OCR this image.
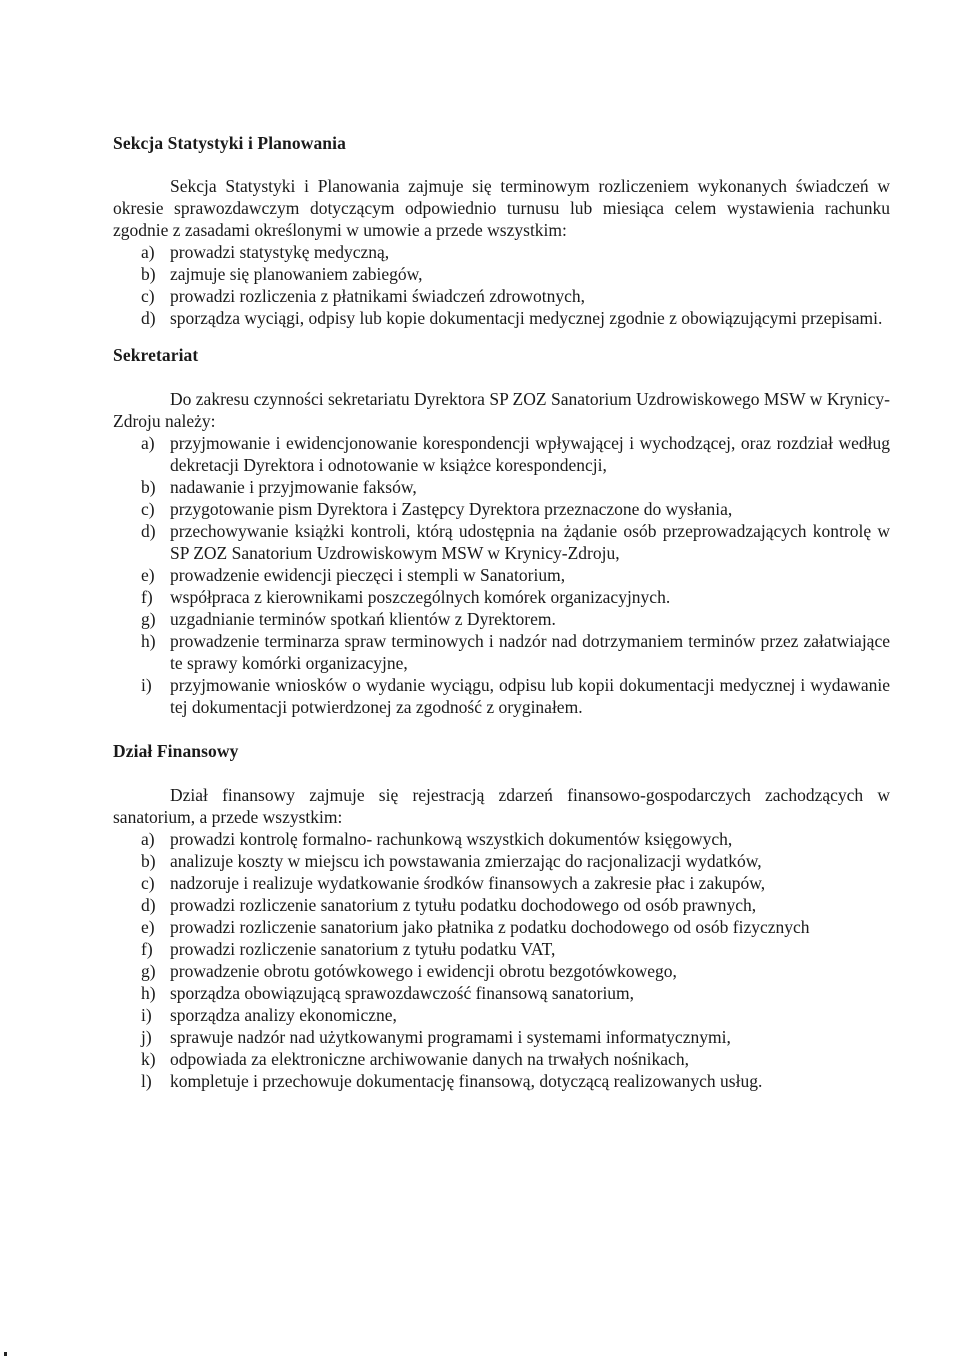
Sekcja Statystyki i Planowania

Sekcja Statystyki i Planowania zajmuje się terminowym rozliczeniem wykonanych świadczeń w okresie sprawozdawczym dotyczącym odpowiednio turnusu lub miesiąca celem wystawienia rachunku zgodnie z zasadami określonymi w umowie a przede wszystkim:

a) prowadzi statystykę medyczną,
b) zajmuje się planowaniem zabiegów,
c) prowadzi rozliczenia z płatnikami świadczeń zdrowotnych,
d) sporządza wyciągi, odpisy lub kopie dokumentacji medycznej zgodnie z obowiązującymi przepisami.
Sekretariat

Do zakresu czynności sekretariatu Dyrektora SP ZOZ Sanatorium Uzdrowiskowego MSW w Krynicy-Zdroju należy:

a) przyjmowanie i ewidencjonowanie korespondencji wpływającej i wychodzącej, oraz rozdział według dekretacji Dyrektora i odnotowanie w książce korespondencji,
b) nadawanie i przyjmowanie faksów,
c) przygotowanie pism Dyrektora i Zastępcy Dyrektora przeznaczone do wysłania,
d) przechowywanie książki kontroli, którą udostępnia na żądanie osób przeprowadzających kontrolę w SP ZOZ Sanatorium Uzdrowiskowym MSW w Krynicy-Zdroju,
e) prowadzenie ewidencji pieczęci i stempli w Sanatorium,
f) współpraca z kierownikami poszczególnych komórek organizacyjnych.
g) uzgadnianie terminów spotkań klientów z Dyrektorem.
h) prowadzenie terminarza spraw terminowych i nadzór nad dotrzymaniem terminów przez załatwiające te sprawy komórki organizacyjne,
i) przyjmowanie wniosków o wydanie wyciągu, odpisu lub kopii dokumentacji medycznej i wydawanie tej dokumentacji potwierdzonej za zgodność z oryginałem.
Dział Finansowy

Dział finansowy zajmuje się rejestracją zdarzeń finansowo-gospodarczych zachodzących w sanatorium, a przede wszystkim:

a) prowadzi kontrolę formalno- rachunkową wszystkich dokumentów księgowych,
b) analizuje koszty w miejscu ich powstawania zmierzając do racjonalizacji wydatków,
c) nadzoruje i realizuje wydatkowanie środków finansowych a zakresie płac i zakupów,
d) prowadzi rozliczenie sanatorium z tytułu podatku dochodowego od osób prawnych,
e) prowadzi rozliczenie sanatorium jako płatnika z podatku dochodowego od osób fizycznych
f) prowadzi rozliczenie sanatorium z tytułu podatku VAT,
g) prowadzenie obrotu gotówkowego i ewidencji obrotu bezgotówkowego,
h) sporządza obowiązującą sprawozdawczość finansową sanatorium,
i) sporządza analizy ekonomiczne,
j) sprawuje nadzór nad użytkowanymi programami i systemami informatycznymi,
k) odpowiada za elektroniczne archiwowanie danych na trwałych nośnikach,
l) kompletuje i przechowuje dokumentację finansową, dotyczącą realizowanych usług.
